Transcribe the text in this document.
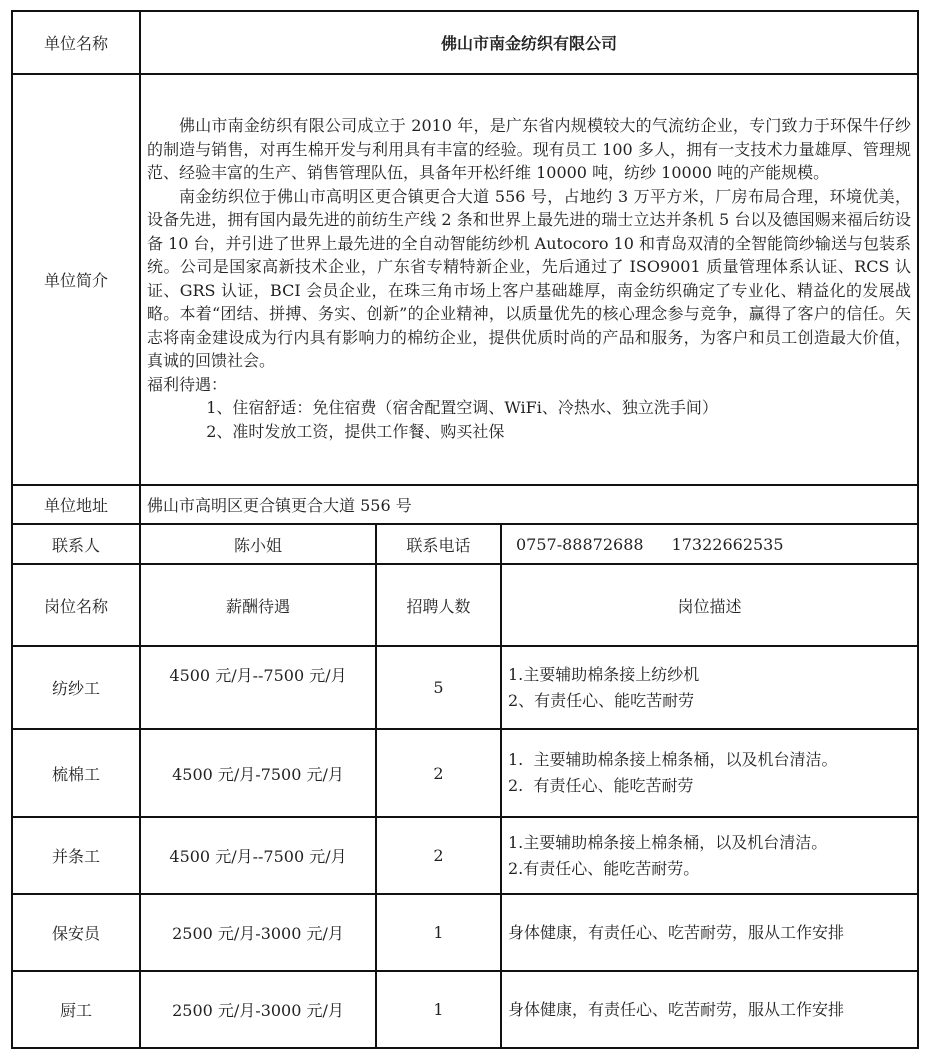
单位名称	佛山市南金纺织有限公司		
单位简介	佛山市南金纺织有限公司成立于 2010 年，是广东省内规模较大的气流纺企业，专门致力于环保牛仔纱的制造与销售，对再生棉开发与利用具有丰富的经验。现有员工 100 多人，拥有一支技术力量雄厚、管理规范、经验丰富的生产、销售管理队伍，具备年开松纤维 10000 吨，纺纱 10000 吨的产能规模。

南金纺织位于佛山市高明区更合镇更合大道 556 号，占地约 3 万平方米，厂房布局合理，环境优美，设备先进，拥有国内最先进的前纺生产线 2 条和世界上最先进的瑞士立达并条机 5 台以及德国赐来福后纺设备 10 台，并引进了世界上最先进的全自动智能纺纱机 Autocoro 10 和青岛双清的全智能筒纱输送与包装系统。公司是国家高新技术企业，广东省专精特新企业，先后通过了 ISO9001 质量管理体系认证、RCS 认证、GRS 认证，BCI 会员企业，在珠三角市场上客户基础雄厚，南金纺织确定了专业化、精益化的发展战略。本着“团结、拼搏、务实、创新”的企业精神，以质量优先的核心理念参与竞争，赢得了客户的信任。矢志将南金建设成为行内具有影响力的棉纺企业，提供优质时尚的产品和服务，为客户和员工创造最大价值，真诚的回馈社会。

福利待遇：

1、住宿舒适：免住宿费（宿舍配置空调、WiFi、冷热水、独立洗手间）

2、准时发放工资，提供工作餐、购买社保		

单位地址	佛山市高明区更合镇更合大道 556 号		
联系人	陈小姐	联系电话	0757-88872688 17322662535
岗位名称	薪酬待遇	招聘人数	岗位描述
纺纱工	4500 元/月--7500 元/月	5	1.主要辅助棉条接上纺纱机
2、有责任心、能吃苦耐劳

梳棉工	4500 元/月-7500 元/月	2	1.  主要辅助棉条接上棉条桶，以及机台清洁。
2.  有责任心、能吃苦耐劳

并条工	4500 元/月--7500 元/月	2	1.主要辅助棉条接上棉条桶，以及机台清洁。
2.有责任心、能吃苦耐劳。

保安员	2500 元/月-3000 元/月	1	身体健康，有责任心、吃苦耐劳，服从工作安排

厨工	2500 元/月-3000 元/月	1	身体健康，有责任心、吃苦耐劳，服从工作安排
